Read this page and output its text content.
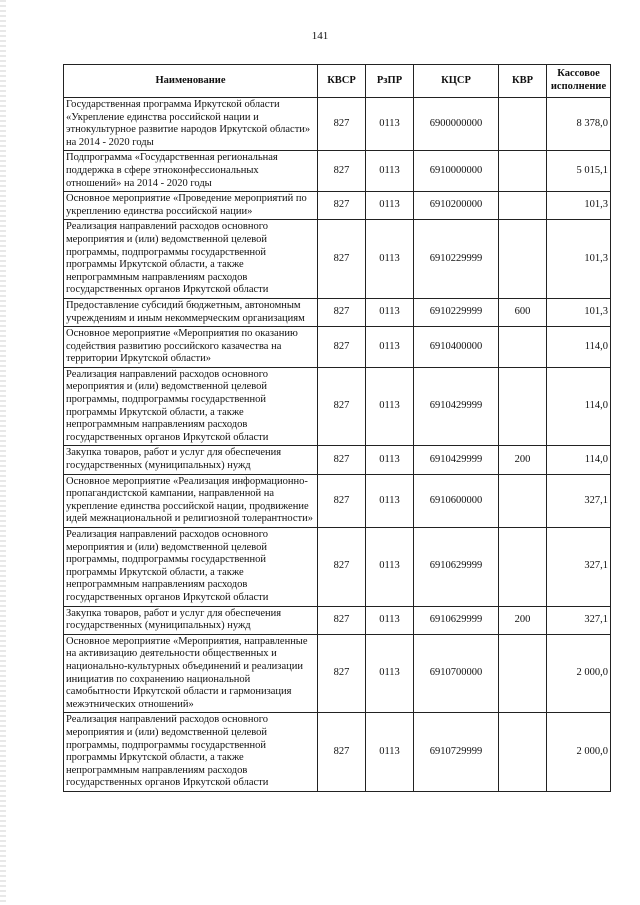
141
Наименование	КВСР	РзПР	КЦСР	КВР	Кассовое исполнение
Государственная программа Иркутской области «Укрепление единства российской нации и этнокультурное развитие народов Иркутской области» на 2014 - 2020 годы	827	0113	6900000000		8 378,0
Подпрограмма «Государственная региональная поддержка в сфере этноконфессиональных отношений» на 2014 - 2020 годы	827	0113	6910000000		5 015,1
Основное мероприятие «Проведение мероприятий по укреплению единства российской нации»	827	0113	6910200000		101,3
Реализация направлений расходов основного мероприятия и (или) ведомственной целевой программы, подпрограммы государственной программы Иркутской области, а также непрограммным направлениям расходов государственных органов Иркутской области	827	0113	6910229999		101,3
Предоставление субсидий бюджетным, автономным учреждениям и иным некоммерческим организациям	827	0113	6910229999	600	101,3
Основное мероприятие «Мероприятия по оказанию содействия развитию российского казачества на территории Иркутской области»	827	0113	6910400000		114,0
Реализация направлений расходов основного мероприятия и (или) ведомственной целевой программы, подпрограммы государственной программы Иркутской области, а также непрограммным направлениям расходов государственных органов Иркутской области	827	0113	6910429999		114,0
Закупка товаров, работ и услуг для обеспечения государственных (муниципальных) нужд	827	0113	6910429999	200	114,0
Основное мероприятие «Реализация информационно-пропагандистской кампании, направленной на укрепление единства российской нации, продвижение идей межнациональной и религиозной толерантности»	827	0113	6910600000		327,1
Реализация направлений расходов основного мероприятия и (или) ведомственной целевой программы, подпрограммы государственной программы Иркутской области, а также непрограммным направлениям расходов государственных органов Иркутской области	827	0113	6910629999		327,1
Закупка товаров, работ и услуг для обеспечения государственных (муниципальных) нужд	827	0113	6910629999	200	327,1
Основное мероприятие «Мероприятия, направленные на активизацию деятельности общественных и национально-культурных объединений и реализации инициатив по сохранению национальной самобытности Иркутской области и гармонизация межэтнических отношений»	827	0113	6910700000		2 000,0
Реализация направлений расходов основного мероприятия и (или) ведомственной целевой программы, подпрограммы государственной программы Иркутской области, а также непрограммным направлениям расходов государственных органов Иркутской области	827	0113	6910729999		2 000,0
